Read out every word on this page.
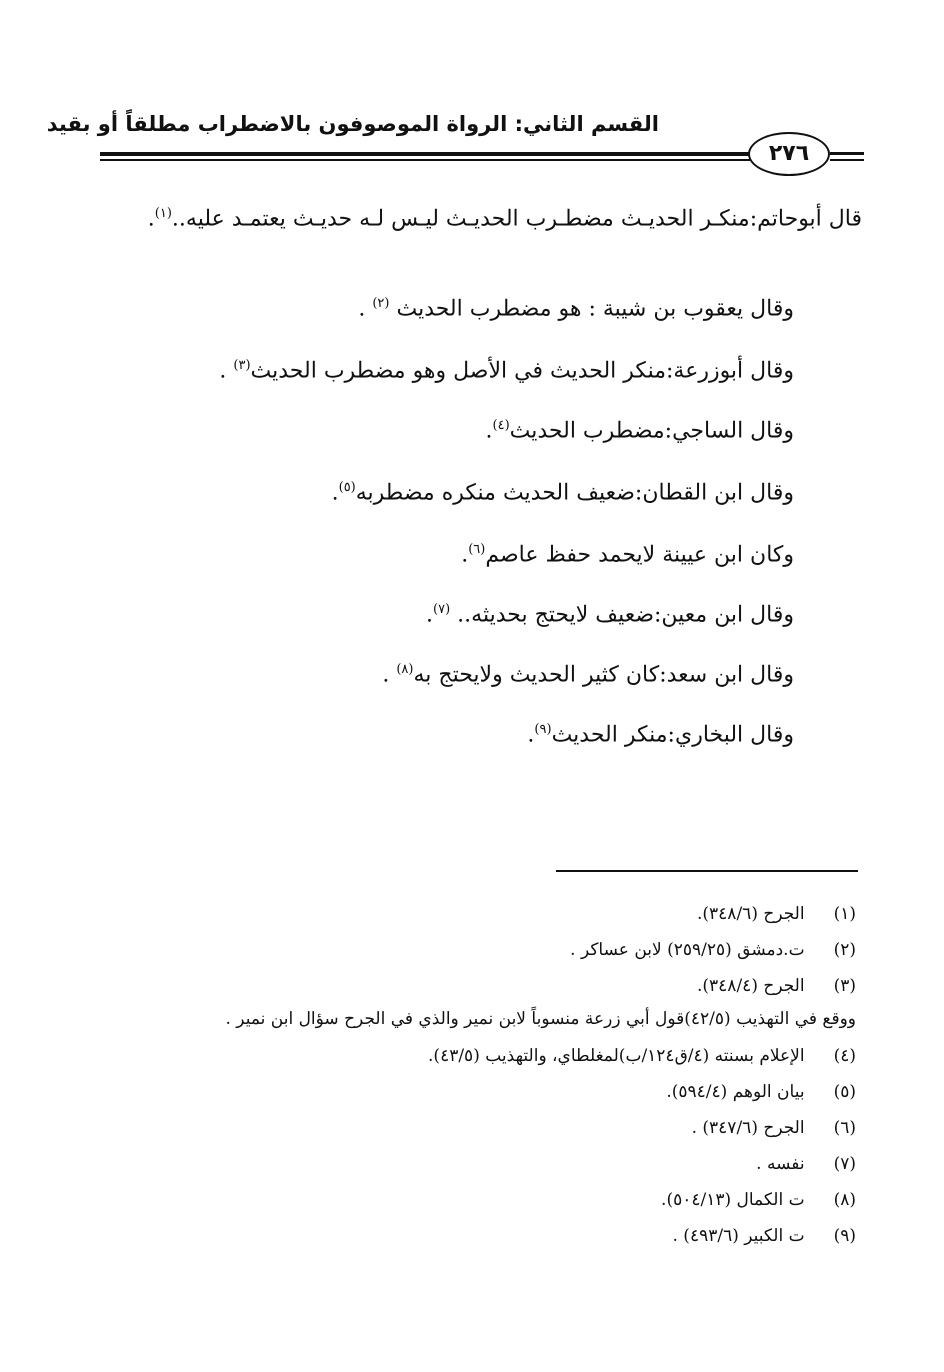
القسم الثاني: الرواة الموصوفون بالاضطراب مطلقاً أو بقيد
٢٧٦
قال أبوحاتم:منكـر الحديـث مضطـرب الحديـث ليـس لـه حديـث يعتمـد عليه..$^{(١)}$.
وقال يعقوب بن شيبة : هو مضطرب الحديث $^{(٢)}$ .
وقال أبوزرعة:منكر الحديث في الأصل وهو مضطرب الحديث$^{(٣)}$ .
وقال الساجي:مضطرب الحديث$^{(٤)}$.
وقال ابن القطان:ضعيف الحديث منكره مضطربه$^{(٥)}$.
وكان ابن عيينة لايحمد حفظ عاصم$^{(٦)}$.
وقال ابن معين:ضعيف لايحتج بحديثه.. $^{(٧)}$.
وقال ابن سعد:كان كثير الحديث ولايحتج به$^{(٨)}$ .
وقال البخاري:منكر الحديث$^{(٩)}$.
(١) الجرح (٣٤٨/٦).
(٢) ت.دمشق (٢٥٩/٢٥) لابن عساكر .
(٣) الجرح (٣٤٨/٤).
ووقع في التهذيب (٤٢/٥)قول أبي زرعة منسوباً لابن نمير والذي في الجرح سؤال ابن نمير .
(٤) الإعلام بسنته (٤/ق١٢٤/ب)لمغلطاي، والتهذيب (٤٣/٥).
(٥) بيان الوهم (٥٩٤/٤).
(٦) الجرح (٣٤٧/٦) .
(٧) نفسه .
(٨) ت الكمال (٥٠٤/١٣).
(٩) ت الكبير (٤٩٣/٦) .
